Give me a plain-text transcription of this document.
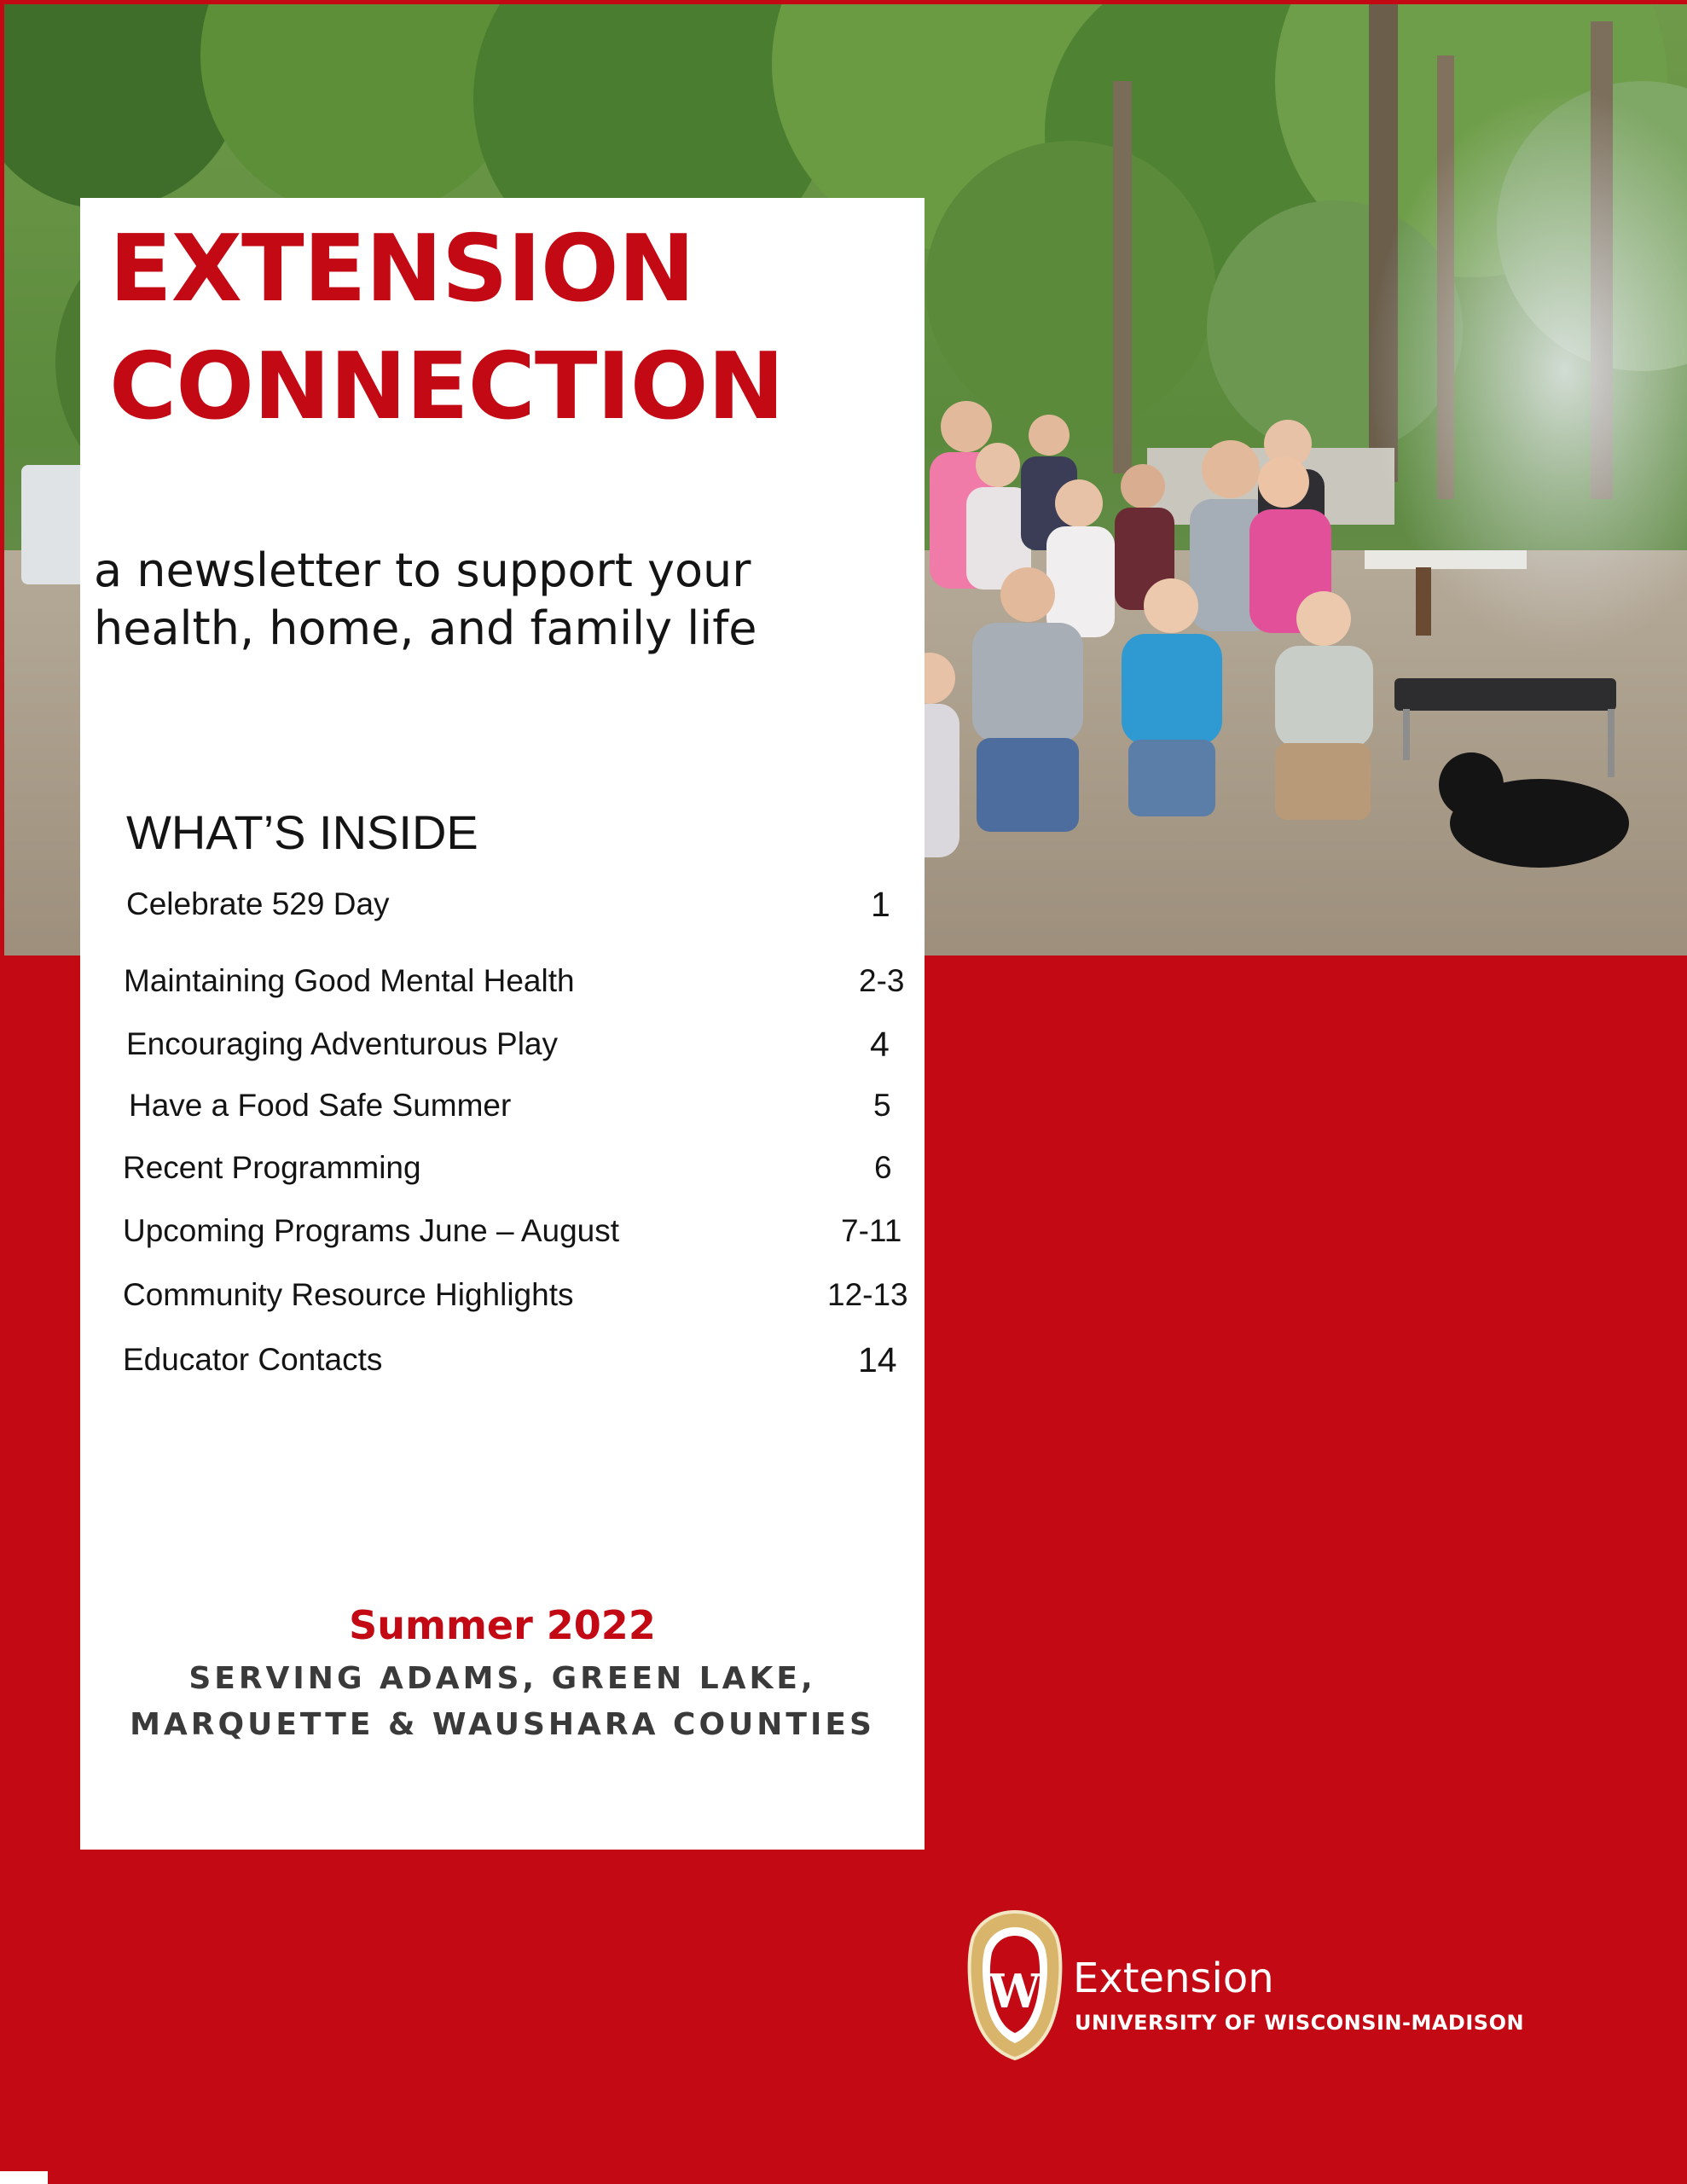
EXTENSION
CONNECTION
a newsletter to support your
health, home, and family life
WHAT’S INSIDE
Celebrate 529 Day	1
Maintaining Good Mental Health	2-3
Encouraging Adventurous Play	4
Have a Food Safe Summer	5
Recent Programming	6
Upcoming Programs June – August	7-11
Community Resource Highlights	12-13
Educator Contacts	14
Summer 2022
SERVING ADAMS, GREEN LAKE,
MARQUETTE & WAUSHARA COUNTIES
W Extension
UNIVERSITY OF WISCONSIN-MADISON
